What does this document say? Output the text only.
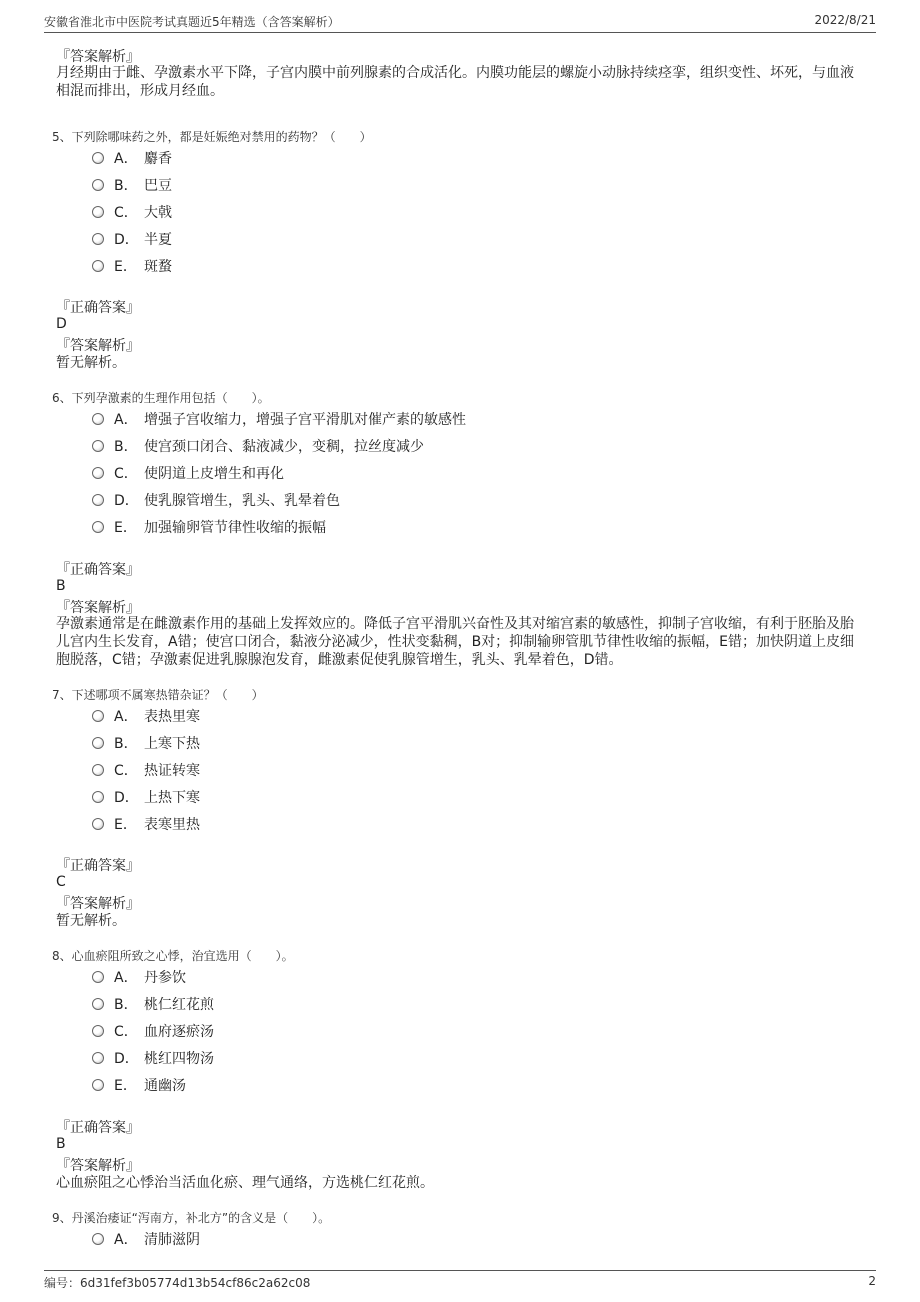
安徽省淮北市中医院考试真题近5年精选（含答案解析）	2022/8/21
『答案解析』
月经期由于雌、孕激素水平下降，子宫内膜中前列腺素的合成活化。内膜功能层的螺旋小动脉持续痉挛，组织变性、坏死，与血液相混而排出，形成月经血。
5、下列除哪味药之外，都是妊娠绝对禁用的药物？（　　）
A． 麝香
B． 巴豆
C． 大戟
D． 半夏
E． 斑蝥
『正确答案』
D
『答案解析』
暂无解析。
6、下列孕激素的生理作用包括（　　）。
A． 增强子宫收缩力，增强子宫平滑肌对催产素的敏感性
B． 使宫颈口闭合、黏液减少，变稠，拉丝度减少
C． 使阴道上皮增生和再化
D． 使乳腺管增生，乳头、乳晕着色
E． 加强输卵管节律性收缩的振幅
『正确答案』
B
『答案解析』
孕激素通常是在雌激素作用的基础上发挥效应的。降低子宫平滑肌兴奋性及其对缩宫素的敏感性，抑制子宫收缩，有利于胚胎及胎儿宫内生长发育，A错；使宫口闭合，黏液分泌减少，性状变黏稠，B对；抑制输卵管肌节律性收缩的振幅，E错；加快阴道上皮细胞脱落，C错；孕激素促进乳腺腺泡发育，雌激素促使乳腺管增生，乳头、乳晕着色，D错。
7、下述哪项不属寒热错杂证？（　　）
A． 表热里寒
B． 上寒下热
C． 热证转寒
D． 上热下寒
E． 表寒里热
『正确答案』
C
『答案解析』
暂无解析。
8、心血瘀阻所致之心悸，治宜选用（　　）。
A． 丹参饮
B． 桃仁红花煎
C． 血府逐瘀汤
D． 桃红四物汤
E． 通幽汤
『正确答案』
B
『答案解析』
心血瘀阻之心悸治当活血化瘀、理气通络，方选桃仁红花煎。
9、丹溪治痿证“泻南方，补北方”的含义是（　　）。
A． 清肺滋阴
编号：6d31fef3b05774d13b54cf86c2a62c08	2
